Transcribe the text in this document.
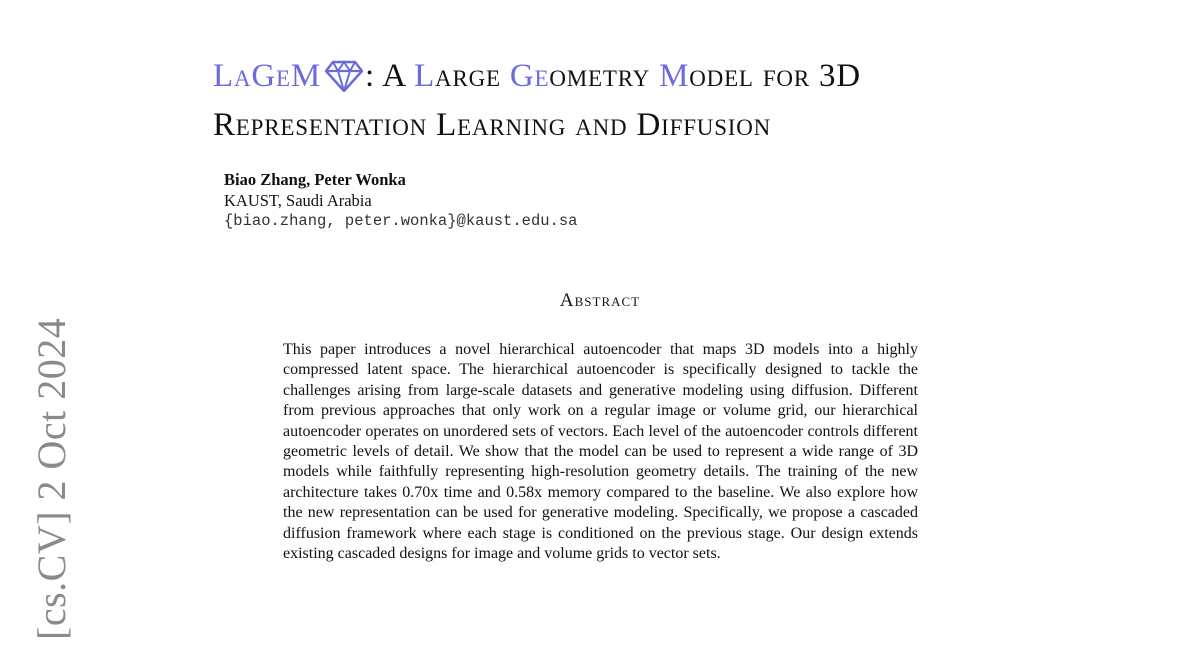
[cs.CV] 2 Oct 2024
LaGeM : A Large Geometry Model for 3D
Representation Learning and Diffusion
Biao Zhang, Peter Wonka
KAUST, Saudi Arabia
{biao.zhang, peter.wonka}@kaust.edu.sa
Abstract
This paper introduces a novel hierarchical autoencoder that maps 3D models into a highly compressed latent space. The hierarchical autoencoder is specifically designed to tackle the challenges arising from large-scale datasets and generative modeling using diffusion. Different from previous approaches that only work on a regular image or volume grid, our hierarchical autoencoder operates on unordered sets of vectors. Each level of the autoencoder controls different geometric levels of detail. We show that the model can be used to represent a wide range of 3D models while faithfully representing high-resolution geometry details. The training of the new architecture takes 0.70x time and 0.58x memory compared to the baseline. We also explore how the new representation can be used for generative modeling. Specifically, we propose a cascaded diffusion framework where each stage is conditioned on the previous stage. Our design extends existing cascaded designs for image and volume grids to vector sets.
